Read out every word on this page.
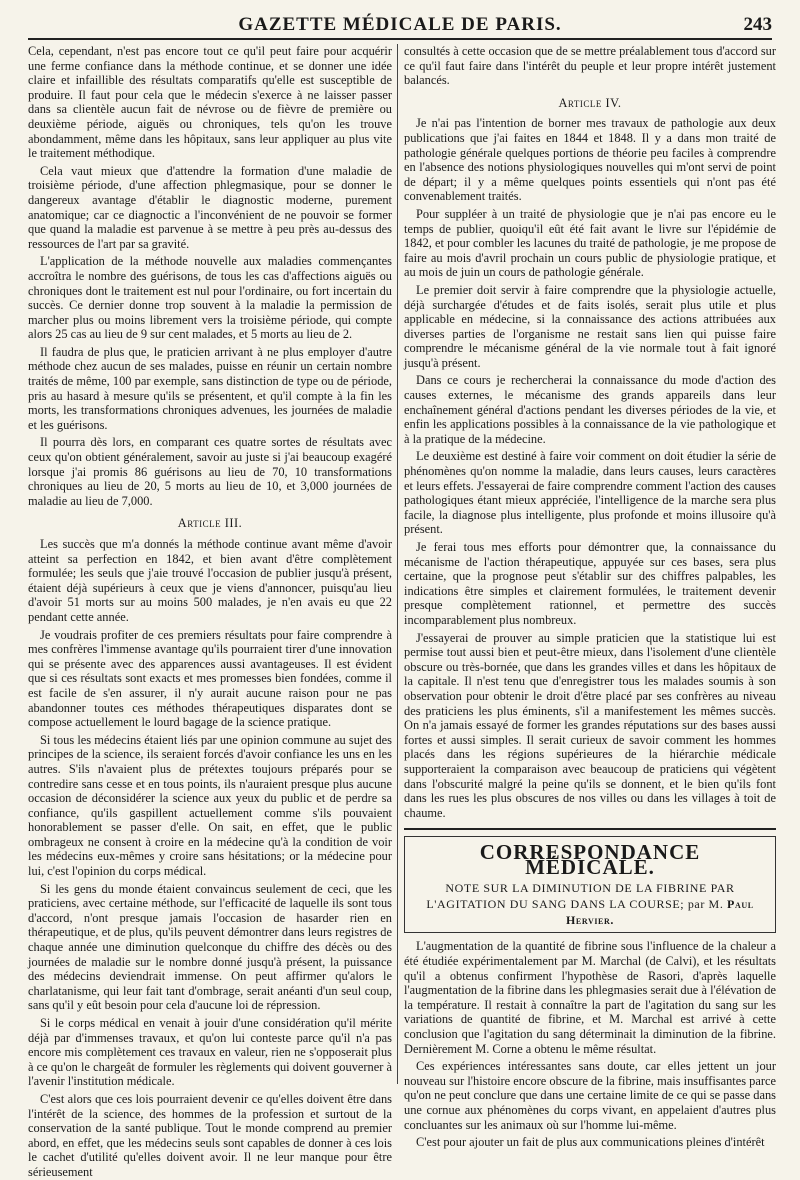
GAZETTE MÉDICALE DE PARIS.	243

Cela, cependant, n'est pas encore tout ce qu'il peut faire pour acquérir une ferme confiance dans la méthode continue, et se donner une idée claire et infaillible des résultats comparatifs qu'elle est susceptible de produire. Il faut pour cela que le médecin s'exerce à ne laisser passer dans sa clientèle aucun fait de névrose ou de fièvre de première ou deuxième période, aiguës ou chroniques, tels qu'on les trouve abondamment, même dans les hôpitaux, sans leur appliquer au plus vite le traitement méthodique.

Cela vaut mieux que d'attendre la formation d'une maladie de troisième période, d'une affection phlegmasique, pour se donner le dangereux avantage d'établir le diagnostic moderne, purement anatomique; car ce diagnoctic a l'inconvénient de ne pouvoir se former que quand la maladie est parvenue à se mettre à peu près au-dessus des ressources de l'art par sa gravité.

L'application de la méthode nouvelle aux maladies commençantes accroîtra le nombre des guérisons, de tous les cas d'affections aiguës ou chroniques dont le traitement est nul pour l'ordinaire, ou fort incertain du succès. Ce dernier donne trop souvent à la maladie la permission de marcher plus ou moins librement vers la troisième période, qui compte alors 25 cas au lieu de 9 sur cent malades, et 5 morts au lieu de 2.

Il faudra de plus que, le praticien arrivant à ne plus employer d'autre méthode chez aucun de ses malades, puisse en réunir un certain nombre traités de même, 100 par exemple, sans distinction de type ou de période, pris au hasard à mesure qu'ils se présentent, et qu'il compte à la fin les morts, les transformations chroniques advenues, les journées de maladie et les guérisons.

Il pourra dès lors, en comparant ces quatre sortes de résultats avec ceux qu'on obtient généralement, savoir au juste si j'ai beaucoup exagéré lorsque j'ai promis 86 guérisons au lieu de 70, 10 transformations chroniques au lieu de 20, 5 morts au lieu de 10, et 3,000 journées de maladie au lieu de 7,000.

Article III.

Les succès que m'a donnés la méthode continue avant même d'avoir atteint sa perfection en 1842, et bien avant d'être complètement formulée; les seuls que j'aie trouvé l'occasion de publier jusqu'à présent, étaient déjà supérieurs à ceux que je viens d'annoncer, puisqu'au lieu d'avoir 51 morts sur au moins 500 malades, je n'en avais eu que 22 pendant cette année.

Je voudrais profiter de ces premiers résultats pour faire comprendre à mes confrères l'immense avantage qu'ils pourraient tirer d'une innovation qui se présente avec des apparences aussi avantageuses. Il est évident que si ces résultats sont exacts et mes promesses bien fondées, comme il est facile de s'en assurer, il n'y aurait aucune raison pour ne pas abandonner toutes ces méthodes thérapeutiques disparates dont se compose actuellement le lourd bagage de la science pratique.

Si tous les médecins étaient liés par une opinion commune au sujet des principes de la science, ils seraient forcés d'avoir confiance les uns en les autres. S'ils n'avaient plus de prétextes toujours préparés pour se contredire sans cesse et en tous points, ils n'auraient presque plus aucune occasion de déconsidérer la science aux yeux du public et de perdre sa confiance, qu'ils gaspillent actuellement comme s'ils pouvaient honorablement se passer d'elle. On sait, en effet, que le public ombrageux ne consent à croire en la médecine qu'à la condition de voir les médecins eux-mêmes y croire sans hésitations; or la médecine pour lui, c'est l'opinion du corps médical.

Si les gens du monde étaient convaincus seulement de ceci, que les praticiens, avec certaine méthode, sur l'efficacité de laquelle ils sont tous d'accord, n'ont presque jamais l'occasion de hasarder rien en thérapeutique, et de plus, qu'ils peuvent démontrer dans leurs registres de chaque année une diminution quelconque du chiffre des décès ou des journées de maladie sur le nombre donné jusqu'à présent, la puissance des médecins deviendrait immense. On peut affirmer qu'alors le charlatanisme, qui leur fait tant d'ombrage, serait anéanti d'un seul coup, sans qu'il y eût besoin pour cela d'aucune loi de répression.

Si le corps médical en venait à jouir d'une considération qu'il mérite déjà par d'immenses travaux, et qu'on lui conteste parce qu'il n'a pas encore mis complètement ces travaux en valeur, rien ne s'opposerait plus à ce qu'on le chargeât de formuler les règlements qui doivent gouverner à l'avenir l'institution médicale.

C'est alors que ces lois pourraient devenir ce qu'elles doivent être dans l'intérêt de la science, des hommes de la profession et surtout de la conservation de la santé publique. Tout le monde comprend au premier abord, en effet, que les médecins seuls sont capables de donner à ces lois le cachet d'utilité qu'elles doivent avoir. Il ne leur manque pour être sérieusement

consultés à cette occasion que de se mettre préalablement tous d'accord sur ce qu'il faut faire dans l'intérêt du peuple et leur propre intérêt justement balancés.

Article IV.

Je n'ai pas l'intention de borner mes travaux de pathologie aux deux publications que j'ai faites en 1844 et 1848. Il y a dans mon traité de pathologie générale quelques portions de théorie peu faciles à comprendre en l'absence des notions physiologiques nouvelles qui m'ont servi de point de départ; il y a même quelques points essentiels qui n'ont pas été convenablement traités.

Pour suppléer à un traité de physiologie que je n'ai pas encore eu le temps de publier, quoiqu'il eût été fait avant le livre sur l'épidémie de 1842, et pour combler les lacunes du traité de pathologie, je me propose de faire au mois d'avril prochain un cours public de physiologie pratique, et au mois de juin un cours de pathologie générale.

Le premier doit servir à faire comprendre que la physiologie actuelle, déjà surchargée d'études et de faits isolés, serait plus utile et plus applicable en médecine, si la connaissance des actions attribuées aux diverses parties de l'organisme ne restait sans lien qui puisse faire comprendre le mécanisme général de la vie normale tout à fait ignoré jusqu'à présent.

Dans ce cours je rechercherai la connaissance du mode d'action des causes externes, le mécanisme des grands appareils dans leur enchaînement général d'actions pendant les diverses périodes de la vie, et enfin les applications possibles à la connaissance de la vie pathologique et à la pratique de la médecine.

Le deuxième est destiné à faire voir comment on doit étudier la série de phénomènes qu'on nomme la maladie, dans leurs causes, leurs caractères et leurs effets. J'essayerai de faire comprendre comment l'action des causes pathologiques étant mieux appréciée, l'intelligence de la marche sera plus facile, la diagnose plus intelligente, plus profonde et moins illusoire qu'à présent.

Je ferai tous mes efforts pour démontrer que, la connaissance du mécanisme de l'action thérapeutique, appuyée sur ces bases, sera plus certaine, que la prognose peut s'établir sur des chiffres palpables, les indications être simples et clairement formulées, le traitement devenir presque complètement rationnel, et permettre des succès incomparablement plus nombreux.

J'essayerai de prouver au simple praticien que la statistique lui est permise tout aussi bien et peut-être mieux, dans l'isolement d'une clientèle obscure ou très-bornée, que dans les grandes villes et dans les hôpitaux de la capitale. Il n'est tenu que d'enregistrer tous les malades soumis à son observation pour obtenir le droit d'être placé par ses confrères au niveau des praticiens les plus éminents, s'il a manifestement les mêmes succès. On n'a jamais essayé de former les grandes réputations sur des bases aussi fortes et aussi simples. Il serait curieux de savoir comment les hommes placés dans les régions supérieures de la hiérarchie médicale supporteraient la comparaison avec beaucoup de praticiens qui végètent dans l'obscurité malgré la peine qu'ils se donnent, et le bien qu'ils font dans les rues les plus obscures de nos villes ou dans les villages à toit de chaume.

CORRESPONDANCE MÉDICALE.
NOTE SUR LA DIMINUTION DE LA FIBRINE PAR L'AGITATION DU SANG DANS LA COURSE; par M. Paul Hervier.

L'augmentation de la quantité de fibrine sous l'influence de la chaleur a été étudiée expérimentalement par M. Marchal (de Calvi), et les résultats qu'il a obtenus confirment l'hypothèse de Rasori, d'après laquelle l'augmentation de la fibrine dans les phlegmasies serait due à l'élévation de la température. Il restait à connaître la part de l'agitation du sang sur les variations de quantité de fibrine, et M. Marchal est arrivé à cette conclusion que l'agitation du sang déterminait la diminution de la fibrine. Dernièrement M. Corne a obtenu le même résultat.

Ces expériences intéressantes sans doute, car elles jettent un jour nouveau sur l'histoire encore obscure de la fibrine, mais insuffisantes parce qu'on ne peut conclure que dans une certaine limite de ce qui se passe dans une cornue aux phénomènes du corps vivant, en appelaient d'autres plus concluantes sur les animaux où sur l'homme lui-même.

C'est pour ajouter un fait de plus aux communications pleines d'intérêt
